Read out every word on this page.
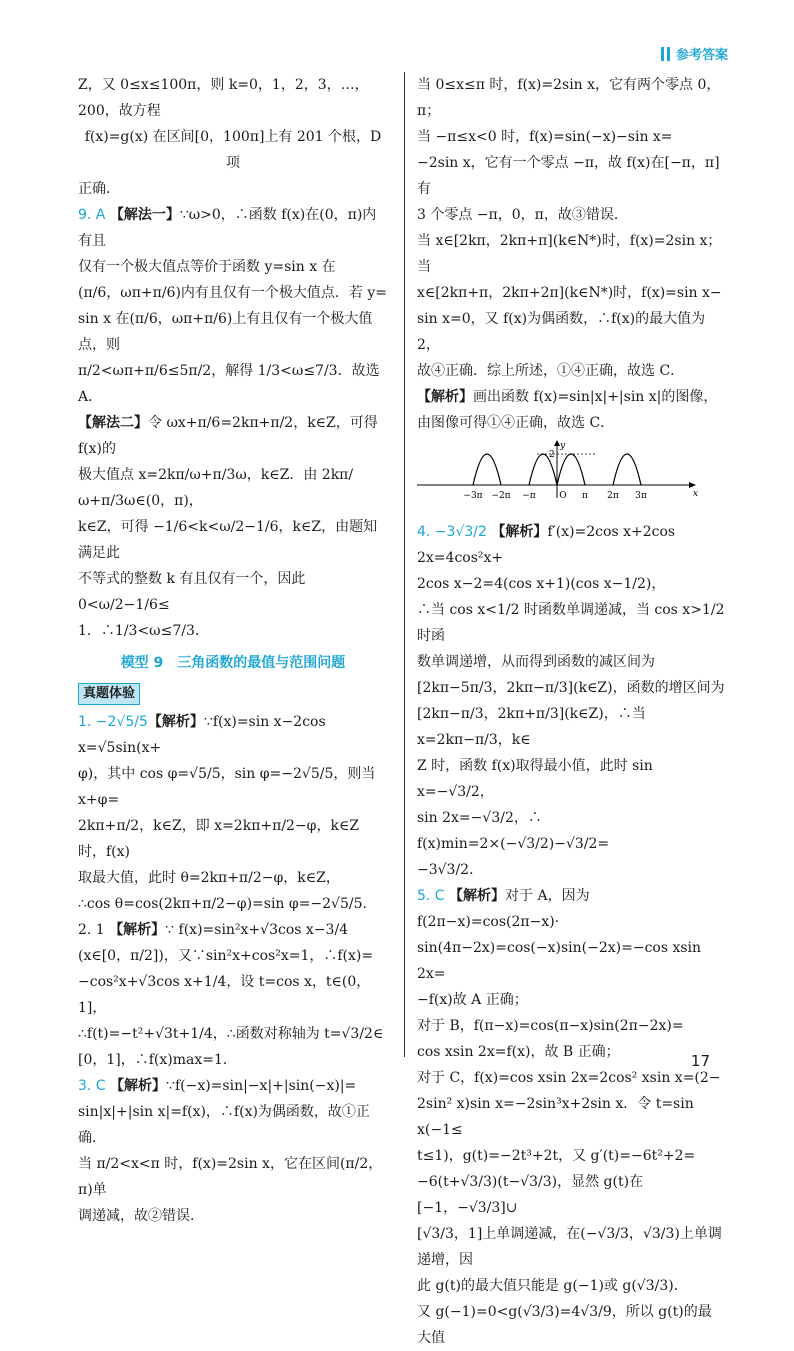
参考答案

Z，又 0≤x≤100π，则 k=0，1，2，3，…，200，故方程

f(x)=g(x) 在区间[0，100π]上有 201 个根，D 项

正确．

9. A 【解法一】∵ω>0，∴函数 f(x)在(0，π)内有且

仅有一个极大值点等价于函数 y=sin x 在

(π/6，ωπ+π/6)内有且仅有一个极大值点．若 y=

sin x 在(π/6，ωπ+π/6)上有且仅有一个极大值点，则

π/2<ωπ+π/6≤5π/2，解得 1/3<ω≤7/3．故选 A．

【解法二】令 ωx+π/6=2kπ+π/2，k∈Z，可得 f(x)的

极大值点 x=2kπ/ω+π/3ω，k∈Z．由 2kπ/ω+π/3ω∈(0，π)，

k∈Z，可得 −1/6<k<ω/2−1/6，k∈Z，由题知满足此

不等式的整数 k 有且仅有一个，因此 0<ω/2−1/6≤

1．∴1/3<ω≤7/3．

模型 9　三角函数的最值与范围问题
真题体验

1. −2√5/5【解析】∵f(x)=sin x−2cos x=√5sin(x+

φ)，其中 cos φ=√5/5，sin φ=−2√5/5，则当 x+φ=

2kπ+π/2，k∈Z，即 x=2kπ+π/2−φ，k∈Z 时，f(x)

取最大值，此时 θ=2kπ+π/2−φ，k∈Z，

∴cos θ=cos(2kπ+π/2−φ)=sin φ=−2√5/5．

2. 1 【解析】∵ f(x)=sin²x+√3cos x−3/4

(x∈[0，π/2])，又∵sin²x+cos²x=1，∴f(x)=

−cos²x+√3cos x+1/4，设 t=cos x，t∈(0，1]，

∴f(t)=−t²+√3t+1/4，∴函数对称轴为 t=√3/2∈

[0，1]，∴f(x)max=1．

3. C 【解析】∵f(−x)=sin|−x|+|sin(−x)|=

sin|x|+|sin x|=f(x)，∴f(x)为偶函数，故①正

确．

当 π/2<x<π 时，f(x)=2sin x，它在区间(π/2，π)单

调递减，故②错误．

当 0≤x≤π 时，f(x)=2sin x，它有两个零点 0，π；

当 −π≤x<0 时，f(x)=sin(−x)−sin x=

−2sin x，它有一个零点 −π，故 f(x)在[−π，π]有

3 个零点 −π，0，π，故③错误．

当 x∈[2kπ，2kπ+π](k∈N*)时，f(x)=2sin x；当

x∈[2kπ+π，2kπ+2π](k∈N*)时，f(x)=sin x−

sin x=0，又 f(x)为偶函数，∴f(x)的最大值为 2，

故④正确．综上所述，①④正确，故选 C．

【解析】画出函数 f(x)=sin|x|+|sin x|的图像，

由图像可得①④正确，故选 C．

−3π −2π −π	O π 2π 3π	x
y
2

4. −3√3/2 【解析】f′(x)=2cos x+2cos 2x=4cos²x+

2cos x−2=4(cos x+1)(cos x−1/2)，

∴当 cos x<1/2 时函数单调递减，当 cos x>1/2 时函

数单调递增，从而得到函数的减区间为

[2kπ−5π/3，2kπ−π/3](k∈Z)，函数的增区间为

[2kπ−π/3，2kπ+π/3](k∈Z)，∴当 x=2kπ−π/3，k∈

Z 时，函数 f(x)取得最小值，此时 sin x=−√3/2，

sin 2x=−√3/2，∴ f(x)min=2×(−√3/2)−√3/2=

−3√3/2．

5. C 【解析】对于 A，因为 f(2π−x)=cos(2π−x)·

sin(4π−2x)=cos(−x)sin(−2x)=−cos xsin 2x=

−f(x)故 A 正确；

对于 B，f(π−x)=cos(π−x)sin(2π−2x)=

cos xsin 2x=f(x)，故 B 正确；

对于 C，f(x)=cos xsin 2x=2cos² xsin x=(2−

2sin² x)sin x=−2sin³x+2sin x．令 t=sin x(−1≤

t≤1)，g(t)=−2t³+2t，又 g′(t)=−6t²+2=

−6(t+√3/3)(t−√3/3)，显然 g(t)在[−1，−√3/3]∪

[√3/3，1]上单调递减，在(−√3/3，√3/3)上单调递增，因

此 g(t)的最大值只能是 g(−1)或 g(√3/3)．

又 g(−1)=0<g(√3/3)=4√3/9，所以 g(t)的最大值

17
